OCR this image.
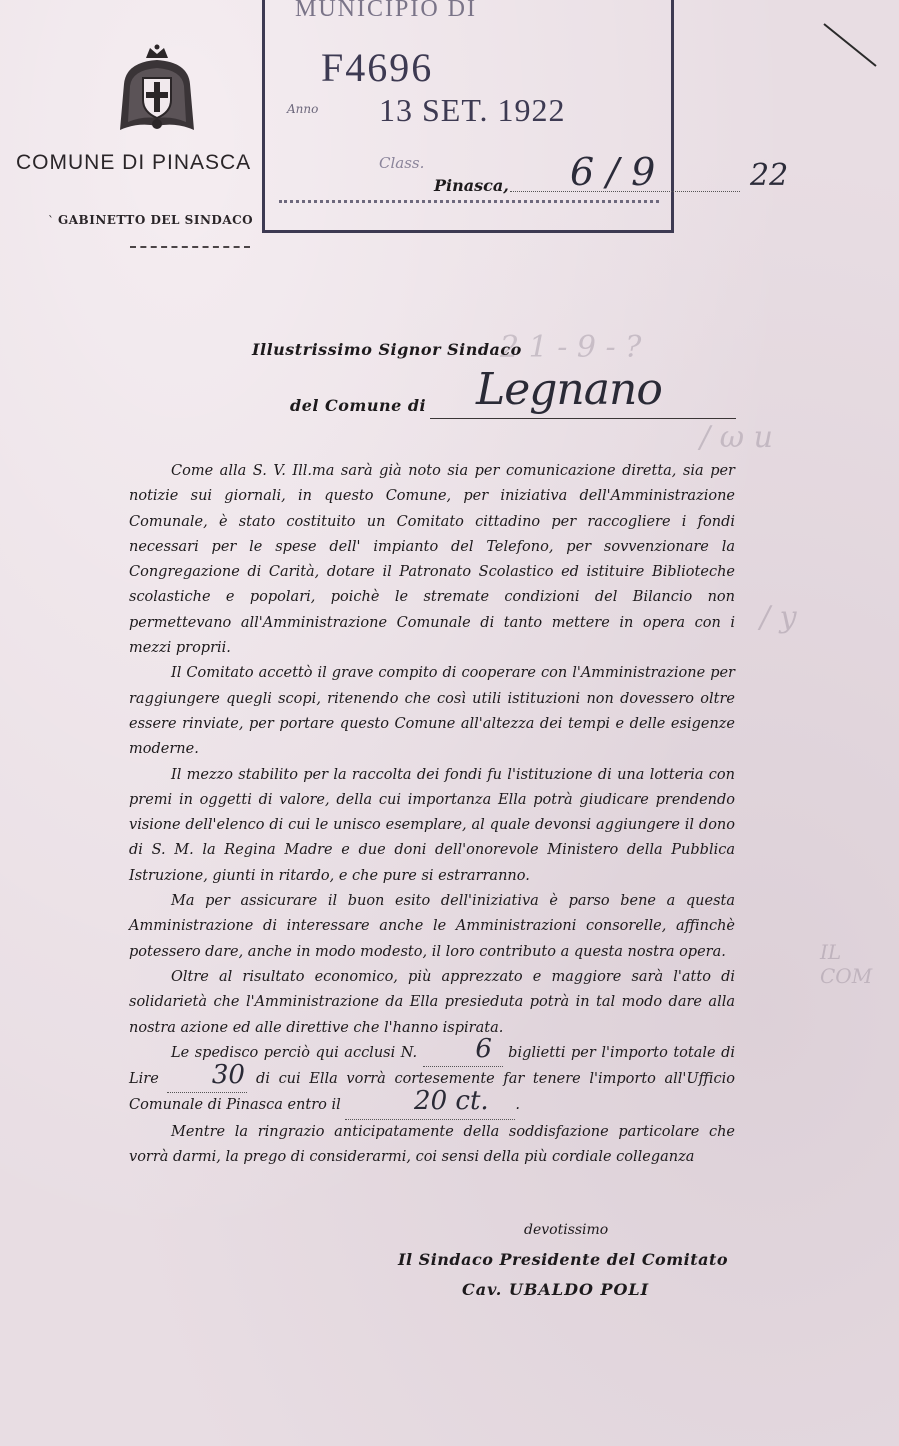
COMUNE DI PINASCA
ˋ GABINETTO DEL SINDACO
MUNICIPIO DI
F4696
Anno 13 SET. 1922
Class.
Pinasca, 6 / 9	22
2 1 - 9 - ?
/ ω u
/ y
IL COM
Illustrissimo Signor Sindaco
del Comune di Legnano

Come alla S. V. Ill.ma sarà già noto sia per comunicazione diretta, sia per notizie sui giornali, in questo Comune, per iniziativa dell'Amministrazione Comunale, è stato costituito un Comitato cittadino per raccogliere i fondi necessari per le spese dell' impianto del Telefono, per sovvenzionare la Congregazione di Carità, dotare il Patronato Scolastico ed istituire Biblioteche scolastiche e popolari, poichè le stremate condizioni del Bilancio non permettevano all'Amministrazione Comunale di tanto mettere in opera con i mezzi proprii.

Il Comitato accettò il grave compito di cooperare con l'Amministrazione per raggiungere quegli scopi, ritenendo che così utili istituzioni non dovessero oltre essere rinviate, per portare questo Comune all'altezza dei tempi e delle esigenze moderne.

Il mezzo stabilito per la raccolta dei fondi fu l'istituzione di una lotteria con premi in oggetti di valore, della cui importanza Ella potrà giudicare prendendo visione dell'elenco di cui le unisco esemplare, al quale devonsi aggiungere il dono di S. M. la Regina Madre e due doni dell'onorevole Ministero della Pubblica Istruzione, giunti in ritardo, e che pure si estrarranno.

Ma per assicurare il buon esito dell'iniziativa è parso bene a questa Amministrazione di interessare anche le Amministrazioni consorelle, affinchè potessero dare, anche in modo modesto, il loro contributo a questa nostra opera.

Oltre al risultato economico, più apprezzato e maggiore sarà l'atto di solidarietà che l'Amministrazione da Ella presieduta potrà in tal modo dare alla nostra azione ed alle direttive che l'hanno ispirata.

Le spedisco perciò qui acclusi N. 6 biglietti per l'importo totale di Lire 30 di cui Ella vorrà cortesemente far tenere l'importo all'Ufficio Comunale di Pinasca entro il	20 ct. .

Mentre la ringrazio anticipatamente della soddisfazione particolare che vorrà darmi, la prego di considerarmi, coi sensi della più cordiale colleganza

devotissimo
Il Sindaco Presidente del Comitato
Cav. UBALDO POLI
